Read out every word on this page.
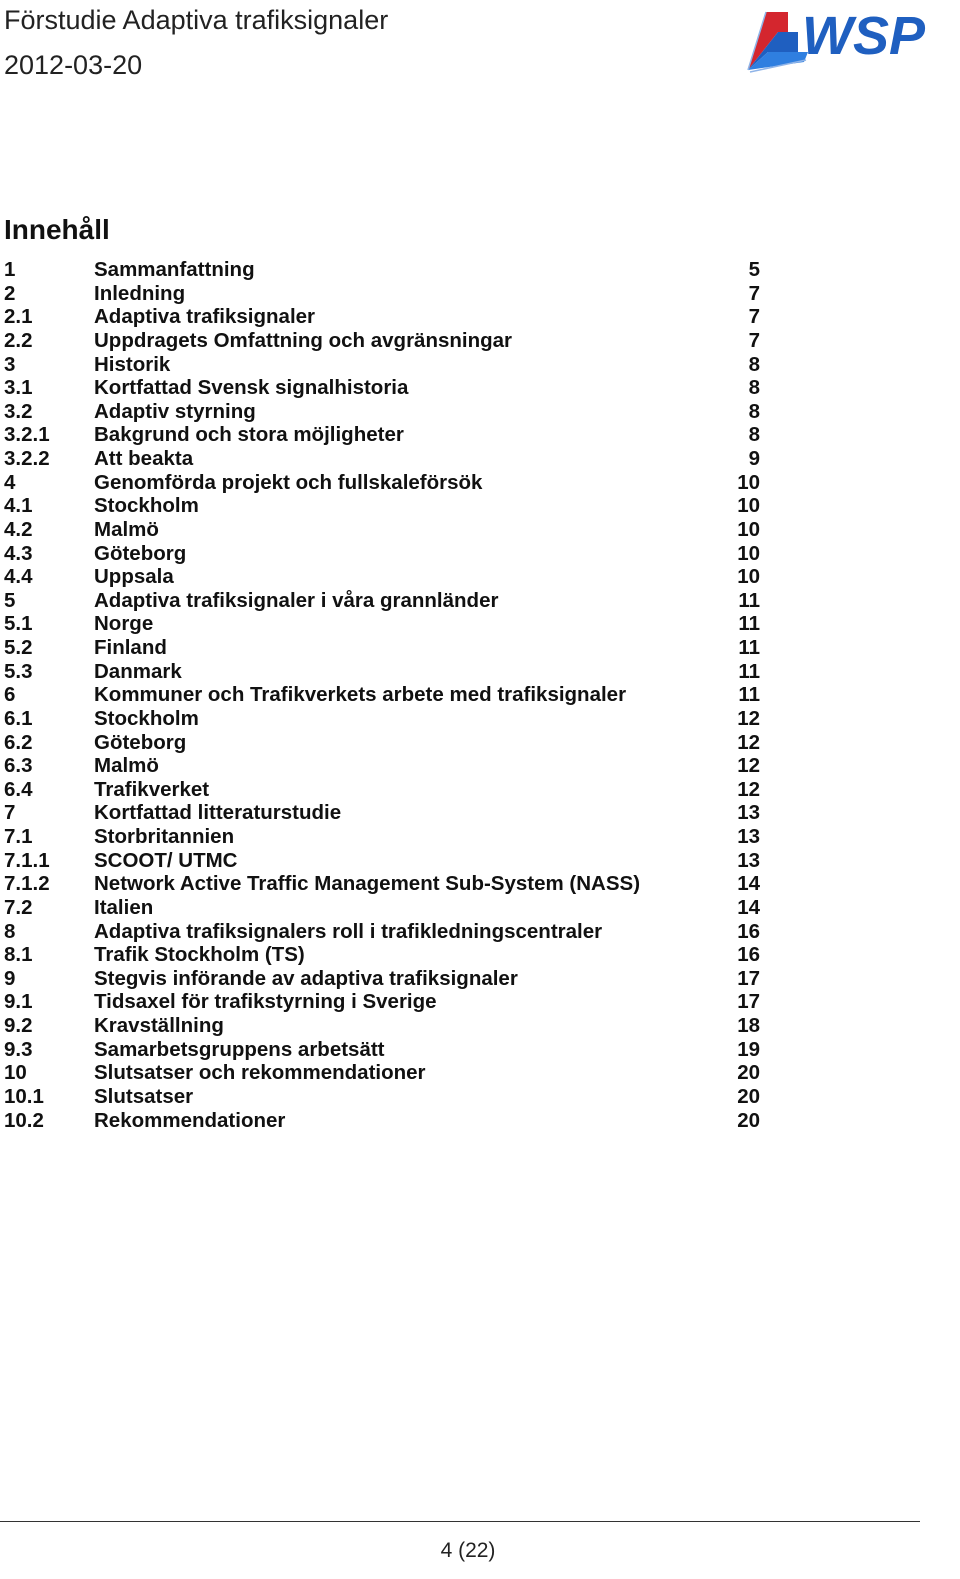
Förstudie Adaptiva trafiksignaler
2012-03-20	WSP
Innehåll
1	Sammanfattning	5
2	Inledning	7
2.1	Adaptiva trafiksignaler	7
2.2	Uppdragets Omfattning och avgränsningar	7
3	Historik	8
3.1	Kortfattad Svensk signalhistoria	8
3.2	Adaptiv styrning	8
3.2.1 Bakgrund och stora möjligheter	8
3.2.2 Att beakta	9
4	Genomförda projekt och fullskaleförsök	10
4.1	Stockholm	10
4.2	Malmö	10
4.3	Göteborg	10
4.4	Uppsala	10
5	Adaptiva trafiksignaler i våra grannländer	11
5.1	Norge	11
5.2	Finland	11
5.3	Danmark	11
6	Kommuner och Trafikverkets arbete med trafiksignaler	11
6.1	Stockholm	12
6.2	Göteborg	12
6.3	Malmö	12
6.4	Trafikverket	12
7	Kortfattad litteraturstudie	13
7.1	Storbritannien	13
7.1.1 SCOOT/ UTMC	13
7.1.2 Network Active Traffic Management Sub-System (NASS)	14
7.2	Italien	14
8	Adaptiva trafiksignalers roll i trafikledningscentraler	16
8.1	Trafik Stockholm (TS)	16
9	Stegvis införande av adaptiva trafiksignaler	17
9.1	Tidsaxel för trafikstyrning i Sverige	17
9.2	Kravställning	18
9.3	Samarbetsgruppens arbetsätt	19
10	Slutsatser och rekommendationer	20
10.1 Slutsatser	20
10.2 Rekommendationer	20
4 (22)
